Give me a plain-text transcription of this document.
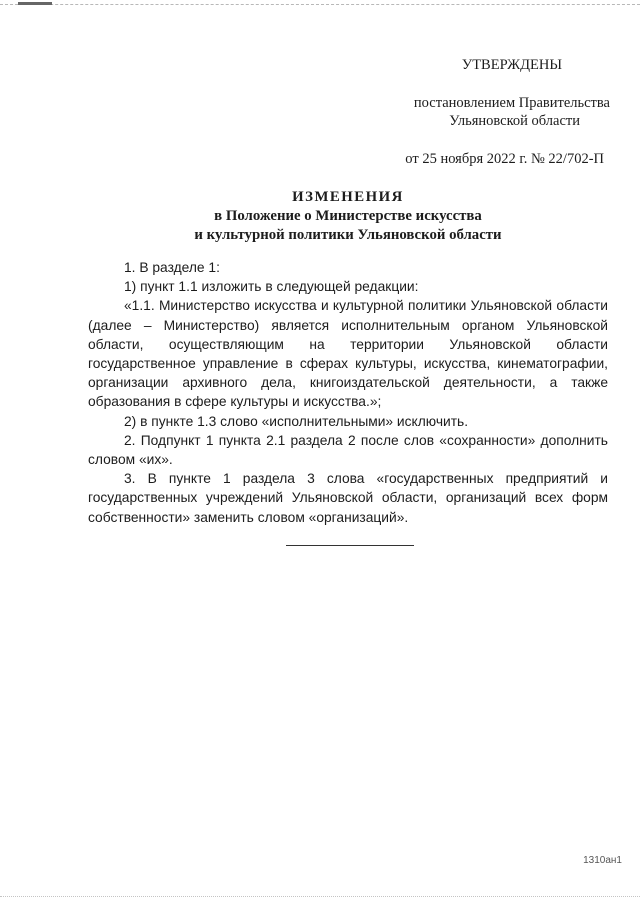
УТВЕРЖДЕНЫ
постановлением Правительства
Ульяновской области
от 25 ноября 2022 г. № 22/702-П
ИЗМЕНЕНИЯ
в Положение о Министерстве искусства
и культурной политики Ульяновской области

1. В разделе 1:

1) пункт 1.1 изложить в следующей редакции:

«1.1. Министерство искусства и культурной политики Ульяновской области (далее – Министерство) является исполнительным органом Ульяновской области, осуществляющим на территории Ульяновской области государственное управление в сферах культуры, искусства, кинематографии, организации архивного дела, книгоиздательской деятельности, а также образования в сфере культуры и искусства.»;

2) в пункте 1.3 слово «исполнительными» исключить.

2. Подпункт 1 пункта 2.1 раздела 2 после слов «сохранности» дополнить словом «их».

3. В пункте 1 раздела 3 слова «государственных предприятий и государственных учреждений Ульяновской области, организаций всех форм собственности» заменить словом «организаций».

1310ан1
